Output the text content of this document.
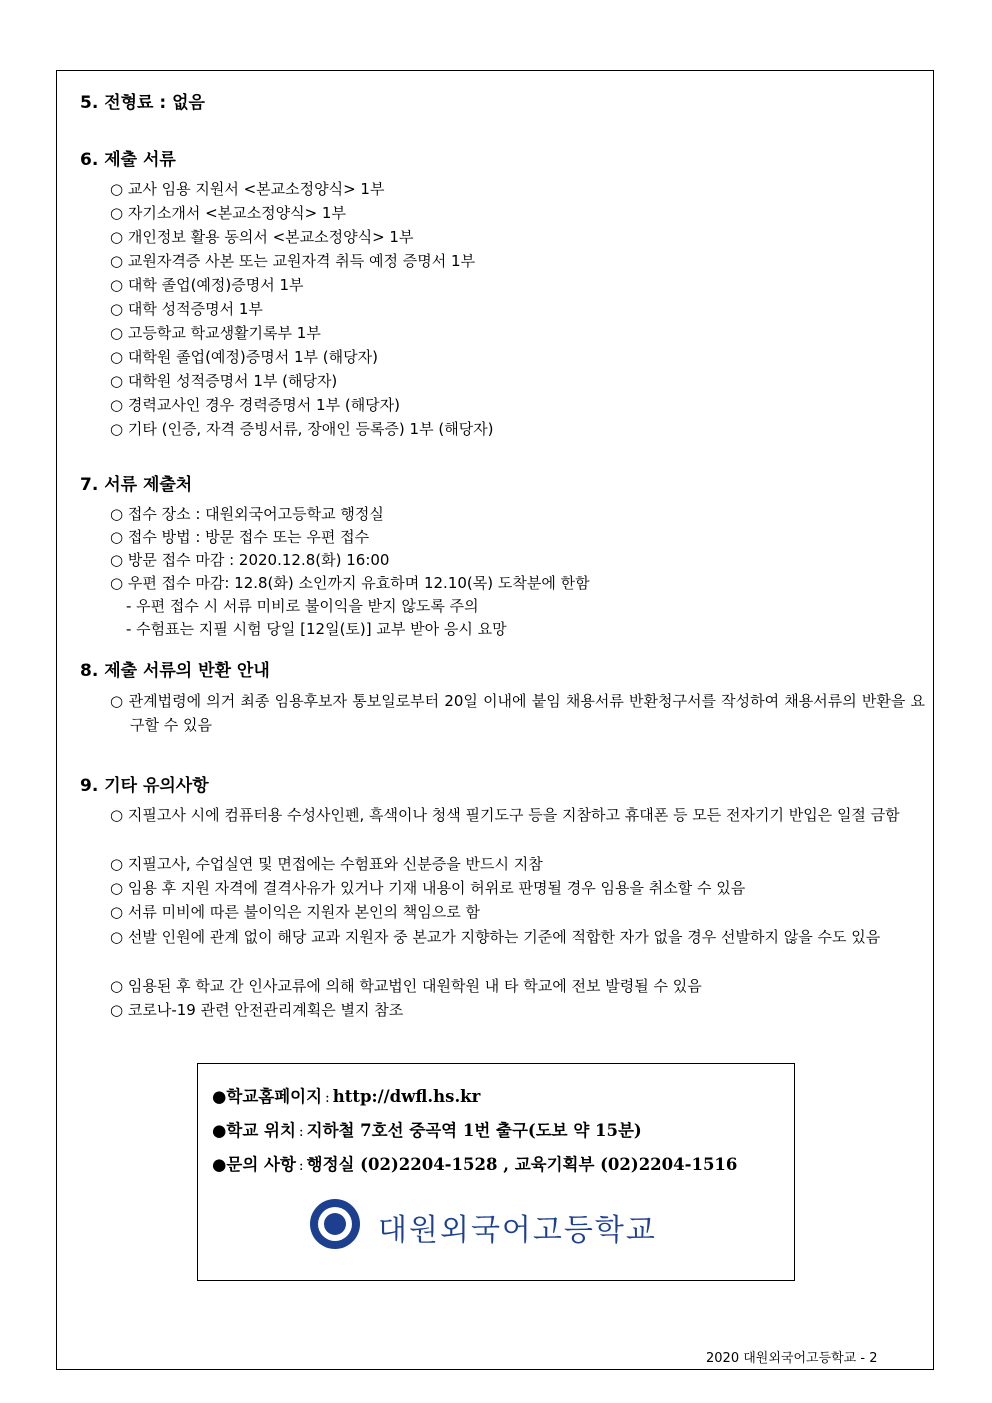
5. 전형료 : 없음
6. 제출 서류
○ 교사 임용 지원서 <본교소정양식> 1부
○ 자기소개서 <본교소정양식> 1부
○ 개인정보 활용 동의서 <본교소정양식> 1부
○ 교원자격증 사본 또는 교원자격 취득 예정 증명서 1부
○ 대학 졸업(예정)증명서 1부
○ 대학 성적증명서 1부
○ 고등학교 학교생활기록부 1부
○ 대학원 졸업(예정)증명서 1부 (해당자)
○ 대학원 성적증명서 1부 (해당자)
○ 경력교사인 경우 경력증명서 1부 (해당자)
○ 기타 (인증, 자격 증빙서류, 장애인 등록증) 1부 (해당자)
7. 서류 제출처
○ 접수 장소 : 대원외국어고등학교 행정실
○ 접수 방법 : 방문 접수 또는 우편 접수
○ 방문 접수 마감 : 2020.12.8(화) 16:00
○ 우편 접수 마감: 12.8(화) 소인까지 유효하며 12.10(목) 도착분에 한함
- 우편 접수 시 서류 미비로 불이익을 받지 않도록 주의
- 수험표는 지필 시험 당일 [12일(토)] 교부 받아 응시 요망
8. 제출 서류의 반환 안내
○ 관계법령에 의거 최종 임용후보자 통보일로부터 20일 이내에 붙임 채용서류 반환청구서를 작성하여 채용서류의 반환을 요구할 수 있음
9. 기타 유의사항
○ 지필고사 시에 컴퓨터용 수성사인펜, 흑색이나 청색 필기도구 등을 지참하고 휴대폰 등 모든 전자기기 반입은 일절 금함
○ 지필고사, 수업실연 및 면접에는 수험표와 신분증을 반드시 지참
○ 임용 후 지원 자격에 결격사유가 있거나 기재 내용이 허위로 판명될 경우 임용을 취소할 수 있음
○ 서류 미비에 따른 불이익은 지원자 본인의 책임으로 함
○ 선발 인원에 관계 없이 해당 교과 지원자 중 본교가 지향하는 기준에 적합한 자가 없을 경우 선발하지 않을 수도 있음
○ 임용된 후 학교 간 인사교류에 의해 학교법인 대원학원 내 타 학교에 전보 발령될 수 있음
○ 코로나-19 관련 안전관리계획은 별지 참조
●학교홈페이지 : http://dwfl.hs.kr
●학교 위치 : 지하철 7호선 중곡역 1번 출구(도보 약 15분)
●문의 사항 : 행정실 (02)2204-1528 , 교육기획부 (02)2204-1516
대원외국어고등학교
2020 대원외국어고등학교 - 2
